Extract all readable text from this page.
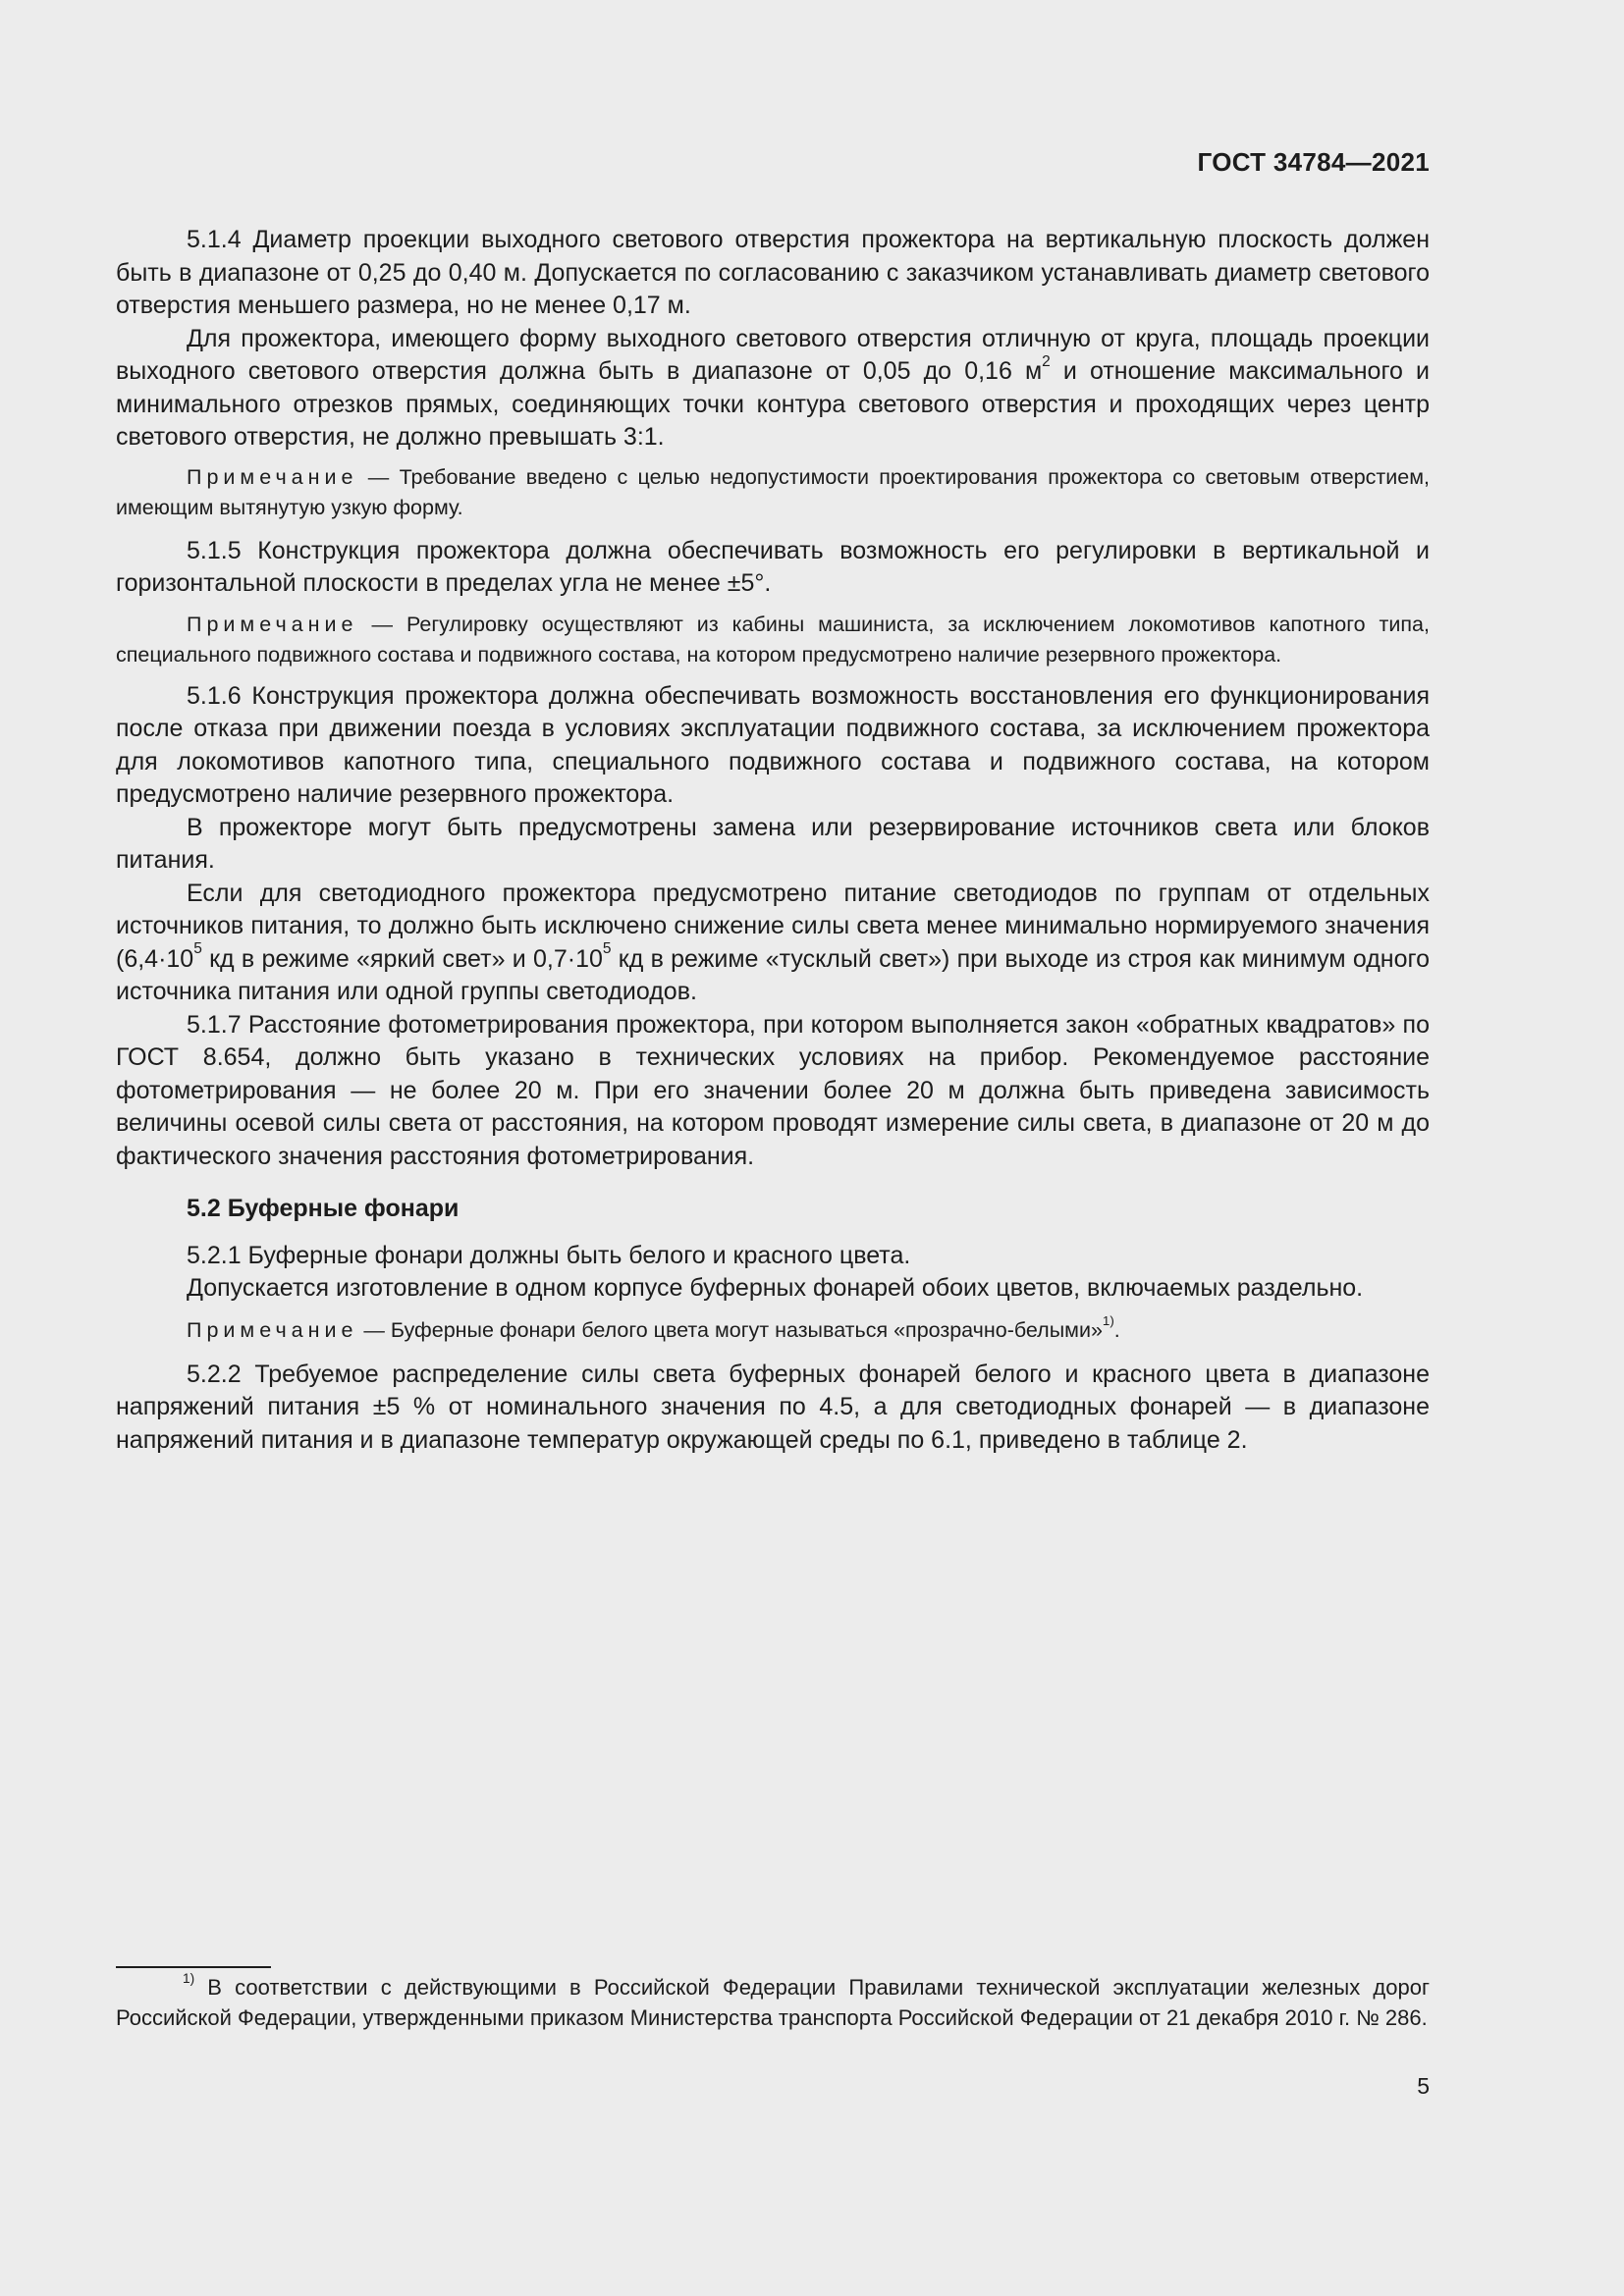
ГОСТ 34784—2021

5.1.4 Диаметр проекции выходного светового отверстия прожектора на вертикальную плоскость должен быть в диапазоне от 0,25 до 0,40 м. Допускается по согласованию с заказчиком устанавливать диаметр светового отверстия меньшего размера, но не менее 0,17 м.

Для прожектора, имеющего форму выходного светового отверстия отличную от круга, площадь проекции выходного светового отверстия должна быть в диапазоне от 0,05 до 0,16 $м^2$ и отношение максимального и минимального отрезков прямых, соединяющих точки контура светового отверстия и проходящих через центр светового отверстия, не должно превышать 3:1.

Примечание — Требование введено с целью недопустимости проектирования прожектора со световым отверстием, имеющим вытянутую узкую форму.

5.1.5 Конструкция прожектора должна обеспечивать возможность его регулировки в вертикальной и горизонтальной плоскости в пределах угла не менее ±5°.

Примечание — Регулировку осуществляют из кабины машиниста, за исключением локомотивов капотного типа, специального подвижного состава и подвижного состава, на котором предусмотрено наличие резервного прожектора.

5.1.6 Конструкция прожектора должна обеспечивать возможность восстановления его функционирования после отказа при движении поезда в условиях эксплуатации подвижного состава, за исключением прожектора для локомотивов капотного типа, специального подвижного состава и подвижного состава, на котором предусмотрено наличие резервного прожектора.

В прожекторе могут быть предусмотрены замена или резервирование источников света или блоков питания.

Если для светодиодного прожектора предусмотрено питание светодиодов по группам от отдельных источников питания, то должно быть исключено снижение силы света менее минимально нормируемого значения ($6,4\cdot 10^5$ кд в режиме «яркий свет» и $0,7\cdot 10^5$ кд в режиме «тусклый свет») при выходе из строя как минимум одного источника питания или одной группы светодиодов.

5.1.7 Расстояние фотометрирования прожектора, при котором выполняется закон «обратных квадратов» по ГОСТ 8.654, должно быть указано в технических условиях на прибор. Рекомендуемое расстояние фотометрирования — не более 20 м. При его значении более 20 м должна быть приведена зависимость величины осевой силы света от расстояния, на котором проводят измерение силы света, в диапазоне от 20 м до фактического значения расстояния фотометрирования.

5.2 Буферные фонари

5.2.1 Буферные фонари должны быть белого и красного цвета.

Допускается изготовление в одном корпусе буферных фонарей обоих цветов, включаемых раздельно.

Примечание — Буферные фонари белого цвета могут называться «прозрачно-белыми»$^{1)}$.

5.2.2 Требуемое распределение силы света буферных фонарей белого и красного цвета в диапазоне напряжений питания ±5 % от номинального значения по 4.5, а для светодиодных фонарей — в диапазоне напряжений питания и в диапазоне температур окружающей среды по 6.1, приведено в таблице 2.

$^{1)}$ В соответствии с действующими в Российской Федерации Правилами технической эксплуатации железных дорог Российской Федерации, утвержденными приказом Министерства транспорта Российской Федерации от 21 декабря 2010 г. № 286.
5
